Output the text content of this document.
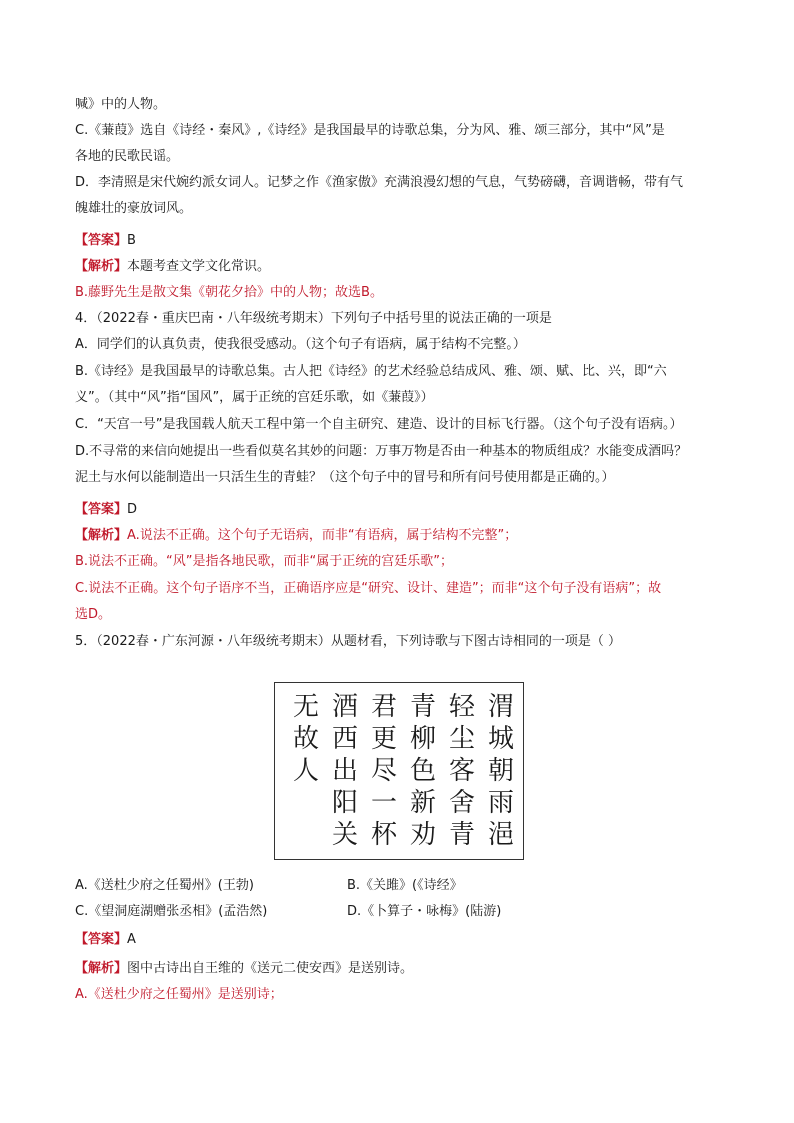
喊》中的人物。
C.《蒹葭》选自《诗经・秦风》,《诗经》是我国最早的诗歌总集，分为风、雅、颂三部分，其中“风”是
各地的民歌民谣。
D．李清照是宋代婉约派女词人。记梦之作《渔家傲》充满浪漫幻想的气息，气势磅礴，音调谐畅，带有气
魄雄壮的豪放词风。
【答案】B
【解析】本题考查文学文化常识。
B.藤野先生是散文集《朝花夕拾》中的人物；故选B。
4．（2022春・重庆巴南・八年级统考期末）下列句子中括号里的说法正确的一项是
A．同学们的认真负责，使我很受感动。（这个句子有语病，属于结构不完整。）
B.《诗经》是我国最早的诗歌总集。古人把《诗经》的艺术经验总结成风、雅、颂、赋、比、兴，即“六
义”。（其中“风”指“国风”，属于正统的宫廷乐歌，如《蒹葭》）
C．“天宫一号”是我国载人航天工程中第一个自主研究、建造、设计的目标飞行器。（这个句子没有语病。）
D.不寻常的来信向她提出一些看似莫名其妙的问题：万事万物是否由一种基本的物质组成？水能变成酒吗？
泥土与水何以能制造出一只活生生的青蛙？（这个句子中的冒号和所有问号使用都是正确的。）
【答案】D
【解析】A.说法不正确。这个句子无语病，而非“有语病，属于结构不完整”；
B.说法不正确。“风”是指各地民歌，而非“属于正统的宫廷乐歌”；
C.说法不正确。这个句子语序不当，正确语序应是“研究、设计、建造”；而非“这个句子没有语病”；故
选D。
5．（2022春・广东河源・八年级统考期末）从题材看，下列诗歌与下图古诗相同的一项是（ ）
渭
城
朝
雨
浥
轻
尘
客
舍
青
青
柳
色
新
劝
君
更
尽
一
杯
酒
西
出
阳
关
无
故
人
A.《送杜少府之任蜀州》(王勃)	B.《关雎》(《诗经》
C.《望洞庭湖赠张丞相》(孟浩然)	D.《卜算子・咏梅》(陆游)
【答案】A
【解析】图中古诗出自王维的《送元二使安西》是送别诗。
A.《送杜少府之任蜀州》是送别诗；
